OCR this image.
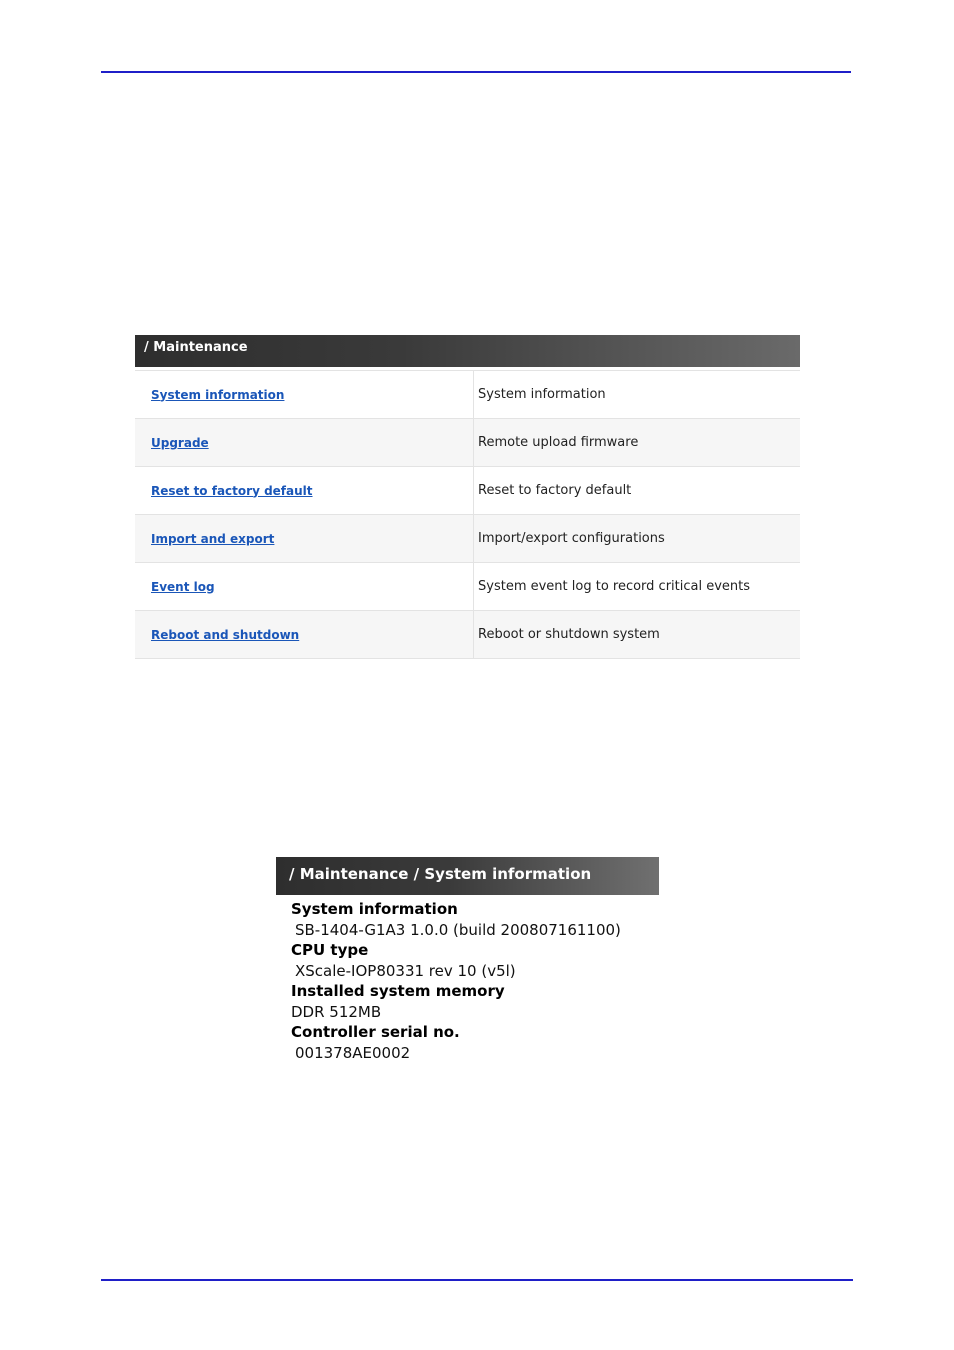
/ Maintenance
System information	System information
Upgrade	Remote upload firmware
Reset to factory default	Reset to factory default
Import and export	Import/export configurations
Event log	System event log to record critical events
Reboot and shutdown	Reboot or shutdown system
/ Maintenance / System information
System information
SB-1404-G1A3 1.0.0 (build 200807161100)
CPU type
XScale-IOP80331 rev 10 (v5l)
Installed system memory
DDR 512MB
Controller serial no.
001378AE0002
